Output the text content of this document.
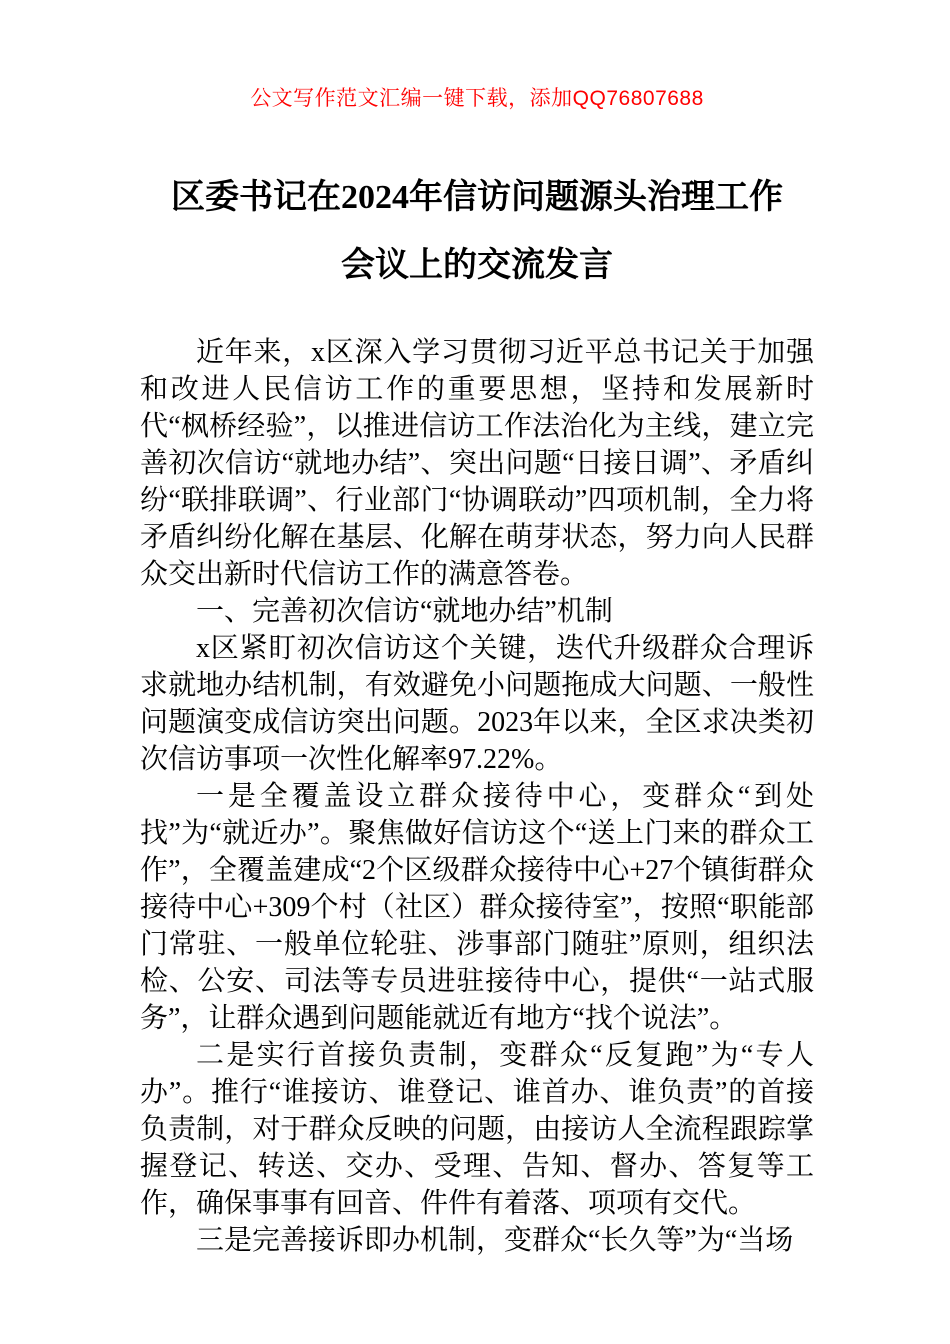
公文写作范文汇编一键下载，添加QQ76807688
区委书记在2024年信访问题源头治理工作
会议上的交流发言

近年来，x区深入学习贯彻习近平总书记关于加强和改进人民信访工作的重要思想，坚持和发展新时代“枫桥经验”，以推进信访工作法治化为主线，建立完善初次信访“就地办结”、突出问题“日接日调”、矛盾纠纷“联排联调”、行业部门“协调联动”四项机制，全力将矛盾纠纷化解在基层、化解在萌芽状态，努力向人民群众交出新时代信访工作的满意答卷。

一、完善初次信访“就地办结”机制

x区紧盯初次信访这个关键，迭代升级群众合理诉求就地办结机制，有效避免小问题拖成大问题、一般性问题演变成信访突出问题。2023年以来，全区求决类初次信访事项一次性化解率97.22%。

一是全覆盖设立群众接待中心，变群众“到处找”为“就近办”。聚焦做好信访这个“送上门来的群众工作”，全覆盖建成“2个区级群众接待中心+27个镇街群众接待中心+309个村（社区）群众接待室”，按照“职能部门常驻、一般单位轮驻、涉事部门随驻”原则，组织法检、公安、司法等专员进驻接待中心，提供“一站式服务”，让群众遇到问题能就近有地方“找个说法”。

二是实行首接负责制，变群众“反复跑”为“专人办”。推行“谁接访、谁登记、谁首办、谁负责”的首接负责制，对于群众反映的问题，由接访人全流程跟踪掌握登记、转送、交办、受理、告知、督办、答复等工作，确保事事有回音、件件有着落、项项有交代。

三是完善接诉即办机制，变群众“长久等”为“当场
